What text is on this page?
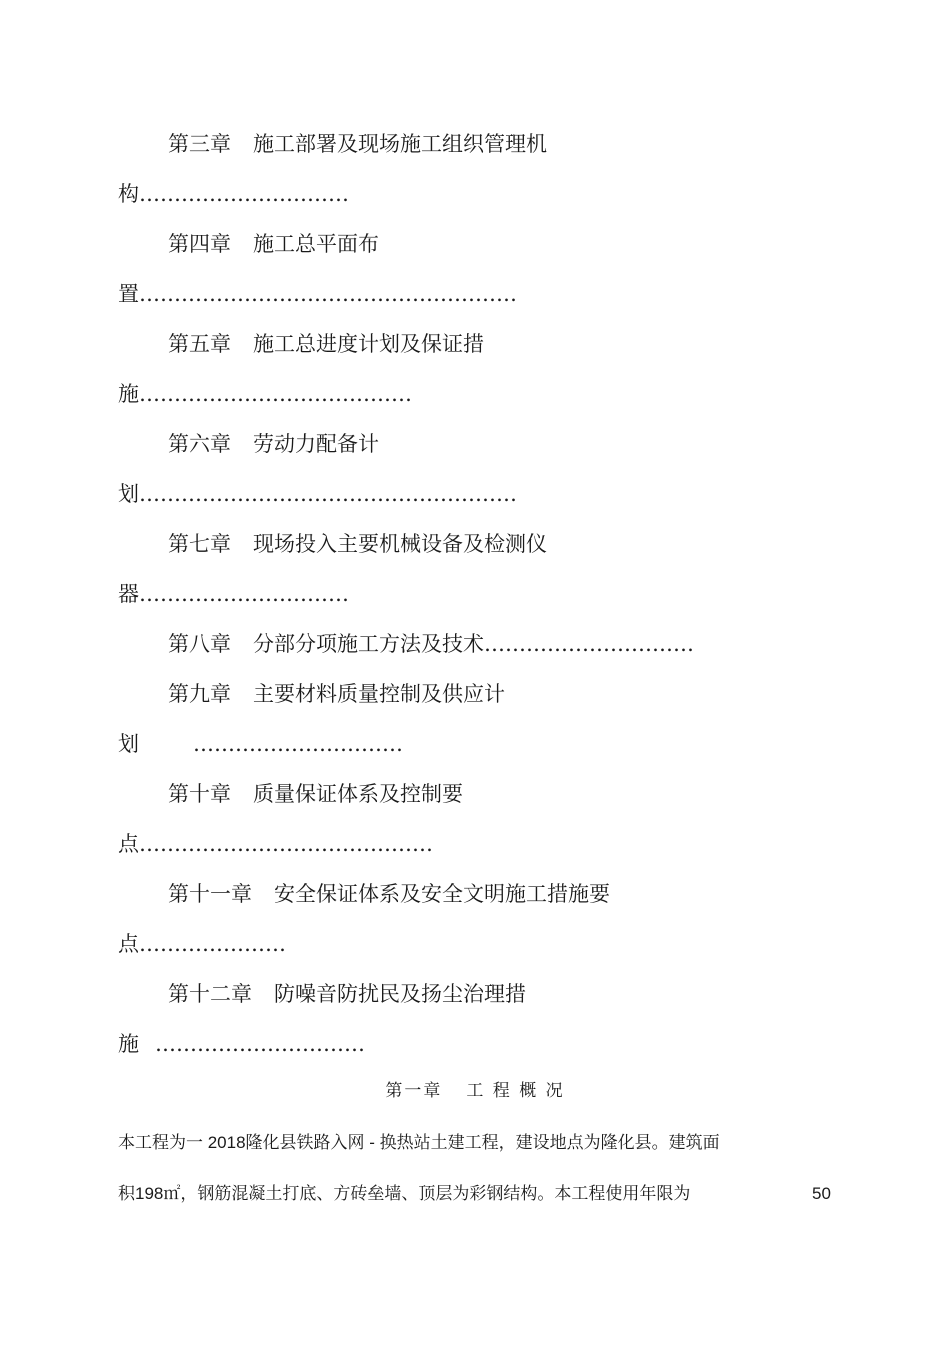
第三章 施工部署及现场施工组织管理机
构…………………………
第四章 施工总平面布
置………………………………………………
第五章 施工总进度计划及保证措
施…………………………………
第六章 劳动力配备计
划………………………………………………
第七章 现场投入主要机械设备及检测仪
器…………………………
第八章 分部分项施工方法及技术…………………………
第九章 主要材料质量控制及供应计
划	…………………………
第十章 质量保证体系及控制要
点……………………………………
第十一章 安全保证体系及安全文明施工措施要
点…………………
第十二章 防噪音防扰民及扬尘治理措
施 …………………………
第一章 工 程 概 况
本工程为一 2018隆化县铁路入网 - 换热站土建工程，建设地点为隆化县。建筑面
积198㎡，钢筋混凝土打底、方砖垒墙、顶层为彩钢结构。本工程使用年限为	50
